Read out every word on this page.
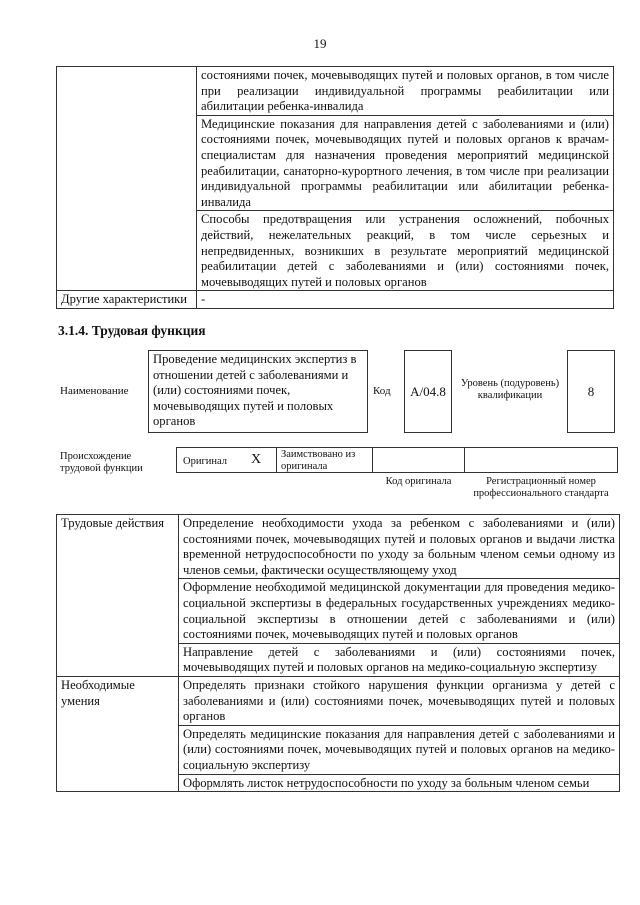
19
	состояниями почек, мочевыводящих путей и половых органов, в том числе при реализации индивидуальной программы реабилитации или абилитации ребенка-инвалида
	Медицинские показания для направления детей с заболеваниями и (или) состояниями почек, мочевыводящих путей и половых органов к врачам-специалистам для назначения проведения мероприятий медицинской реабилитации, санаторно-курортного лечения, в том числе при реализации индивидуальной программы реабилитации или абилитации ребенка-инвалида
	Способы предотвращения или устранения осложнений, побочных действий, нежелательных реакций, в том числе серьезных и непредвиденных, возникших в результате мероприятий медицинской реабилитации детей с заболеваниями и (или) состояниями почек, мочевыводящих путей и половых органов
Другие характеристики	-
3.1.4. Трудовая функция
Наименование
Проведение медицинских экспертиз в отношении детей с заболеваниями и (или) состояниями почек, мочевыводящих путей и половых органов
Код	А/04.8	Уровень (подуровень) квалификации	8
Происхождение трудовой функции
Оригинал X	Заимствовано из оригинала
Код оригинала	Регистрационный номер профессионального стандарта
Трудовые действия	Определение необходимости ухода за ребенком с заболеваниями и (или) состояниями почек, мочевыводящих путей и половых органов и выдачи листка временной нетрудоспособности по уходу за больным членом семьи одному из членов семьи, фактически осуществляющему уход
	Оформление необходимой медицинской документации для проведения медико-социальной экспертизы в федеральных государственных учреждениях медико-социальной экспертизы в отношении детей с заболеваниями и (или) состояниями почек, мочевыводящих путей и половых органов
	Направление детей с заболеваниями и (или) состояниями почек, мочевыводящих путей и половых органов на медико-социальную экспертизу
Необходимые умения	Определять признаки стойкого нарушения функции организма у детей с заболеваниями и (или) состояниями почек, мочевыводящих путей и половых органов
	Определять медицинские показания для направления детей с заболеваниями и (или) состояниями почек, мочевыводящих путей и половых органов на медико-социальную экспертизу
	Оформлять листок нетрудоспособности по уходу за больным членом семьи
